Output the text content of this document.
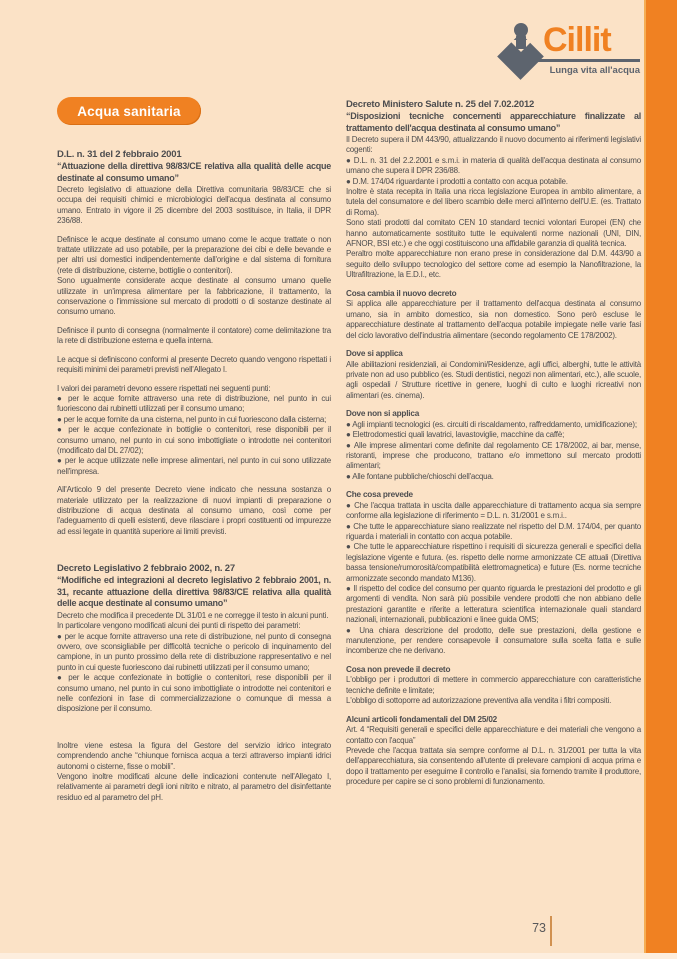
Cillit
Lunga vita all'acqua
Acqua sanitaria
D.L. n. 31 del 2 febbraio 2001
“Attuazione della direttiva 98/83/CE relativa alla qualità delle acque destinate al consumo umano”
Decreto legislativo di attuazione della Direttiva comunitaria 98/83/CE che si occupa dei requisiti chimici e microbiologici dell'acqua destinata al consumo umano. Entrato in vigore il 25 dicembre del 2003 sostituisce, in Italia, il DPR 236/88.
Definisce le acque destinate al consumo umano come le acque trattate o non trattate utilizzate ad uso potabile, per la preparazione dei cibi e delle bevande e per altri usi domestici indipendentemente dall'origine e dal sistema di fornitura (rete di distribuzione, cisterne, bottiglie o contenitori).
Sono ugualmente considerate acque destinate al consumo umano quelle utilizzate in un'impresa alimentare per la fabbricazione, il trattamento, la conservazione o l'immissione sul mercato di prodotti o di sostanze destinate al consumo umano.
Definisce il punto di consegna (normalmente il contatore) come delimitazione tra la rete di distribuzione esterna e quella interna.
Le acque si definiscono conformi al presente Decreto quando vengono rispettati i requisiti minimi dei parametri previsti nell'Allegato I.
I valori dei parametri devono essere rispettati nei seguenti punti:
● per le acque fornite attraverso una rete di distribuzione, nel punto in cui fuoriescono dai rubinetti utilizzati per il consumo umano;
● per le acque fornite da una cisterna, nel punto in cui fuoriescono dalla cisterna;
● per le acque confezionate in bottiglie o contenitori, rese disponibili per il consumo umano, nel punto in cui sono imbottigliate o introdotte nei contenitori (modificato dal DL 27/02);
● per le acque utilizzate nelle imprese alimentari, nel punto in cui sono utilizzate nell'impresa.
All'Articolo 9 del presente Decreto viene indicato che nessuna sostanza o materiale utilizzato per la realizzazione di nuovi impianti di preparazione o distribuzione di acqua destinata al consumo umano, così come per l'adeguamento di quelli esistenti, deve rilasciare i propri costituenti od impurezze ad essi legate in quantità superiore ai limiti previsti.
Decreto Legislativo 2 febbraio 2002, n. 27
“Modifiche ed integrazioni al decreto legislativo 2 febbraio 2001, n. 31, recante attuazione della direttiva 98/83/CE relativa alla qualità delle acque destinate al consumo umano”
Decreto che modifica il precedente DL 31/01 e ne corregge il testo in alcuni punti.
In particolare vengono modificati alcuni dei punti di rispetto dei parametri:
● per le acque fornite attraverso una rete di distribuzione, nel punto di consegna ovvero, ove sconsigliabile per difficoltà tecniche o pericolo di inquinamento del campione, in un punto prossimo della rete di distribuzione rappresentativo e nel punto in cui queste fuoriescono dai rubinetti utilizzati per il consumo umano;
● per le acque confezionate in bottiglie o contenitori, rese disponibili per il consumo umano, nel punto in cui sono imbottigliate o introdotte nei contenitori e nelle confezioni in fase di commercializzazione o comunque di messa a disposizione per il consumo.
Inoltre viene estesa la figura del Gestore del servizio idrico integrato comprendendo anche “chiunque fornisca acqua a terzi attraverso impianti idrici autonomi o cisterne, fisse o mobili”.
Vengono inoltre modificati alcune delle indicazioni contenute nell'Allegato I, relativamente ai parametri degli ioni nitrito e nitrato, al parametro del disinfettante residuo ed al parametro del pH.
Decreto Ministero Salute n. 25 del 7.02.2012
“Disposizioni tecniche concernenti apparecchiature finalizzate al trattamento dell'acqua destinata al consumo umano”
Il Decreto supera il DM 443/90, attualizzando il nuovo documento ai riferimenti legislativi cogenti:
● D.L. n. 31 del 2.2.2001 e s.m.i. in materia di qualità dell'acqua destinata al consumo umano che supera il DPR 236/88.
● D.M. 174/04 riguardante i prodotti a contatto con acqua potabile.
Inoltre è stata recepita in Italia una ricca legislazione Europea in ambito alimentare, a tutela del consumatore e del libero scambio delle merci all'interno dell'U.E. (es. Trattato di Roma).
Sono stati prodotti dal comitato CEN 10 standard tecnici volontari Europei (EN) che hanno automaticamente sostituito tutte le equivalenti norme nazionali (UNI, DIN, AFNOR, BSI etc.) e che oggi costituiscono una affidabile garanzia di qualità tecnica.
Peraltro molte apparecchiature non erano prese in considerazione dal D.M. 443/90 a seguito dello sviluppo tecnologico del settore come ad esempio la Nanofiltrazione, la Ultrafiltrazione, la E.D.I., etc.
Cosa cambia il nuovo decreto
Si applica alle apparecchiature per il trattamento dell'acqua destinata al consumo umano, sia in ambito domestico, sia non domestico. Sono però escluse le apparecchiature destinate al trattamento dell'acqua potabile impiegate nelle varie fasi del ciclo lavorativo dell'industria alimentare (secondo regolamento CE 178/2002).
Dove si applica
Alle abilitazioni residenziali, ai Condomini/Residenze, agli uffici, alberghi, tutte le attività private non ad uso pubblico (es. Studi dentistici, negozi non alimentari, etc.), alle scuole, agli ospedali / Strutture ricettive in genere, luoghi di culto e luoghi ricreativi non alimentari (es. cinema).
Dove non si applica
● Agli impianti tecnologici (es. circuiti di riscaldamento, raffreddamento, umidificazione);
● Elettrodomestici quali lavatrici, lavastoviglie, macchine da caffè;
● Alle imprese alimentari come definite dal regolamento CE 178/2002, ai bar, mense, ristoranti, imprese che producono, trattano e/o immettono sul mercato prodotti alimentari;
● Alle fontane pubbliche/chioschi dell'acqua.
Che cosa prevede
● Che l'acqua trattata in uscita dalle apparecchiature di trattamento acqua sia sempre conforme alla legislazione di riferimento = D.L. n. 31/2001 e s.m.i..
● Che tutte le apparecchiature siano realizzate nel rispetto del D.M. 174/04, per quanto riguarda i materiali in contatto con acqua potabile.
● Che tutte le apparecchiature rispettino i requisiti di sicurezza generali e specifici della legislazione vigente e futura. (es. rispetto delle norme armonizzate CE attuali (Direttiva bassa tensione/rumorosità/compatibilità elettromagnetica) e future (Es. norme tecniche armonizzate secondo mandato M136).
● Il rispetto del codice del consumo per quanto riguarda le prestazioni del prodotto e gli argomenti di vendita. Non sarà più possibile vendere prodotti che non abbiano delle prestazioni garantite e riferite a letteratura scientifica internazionale quali standard nazionali, internazionali, pubblicazioni e linee guida OMS;
● Una chiara descrizione del prodotto, delle sue prestazioni, della gestione e manutenzione, per rendere consapevole il consumatore sulla scelta fatta e sulle incombenze che ne derivano.
Cosa non prevede il decreto
L'obbligo per i produttori di mettere in commercio apparecchiature con caratteristiche tecniche definite e limitate;
L'obbligo di sottoporre ad autorizzazione preventiva alla vendita i filtri compositi.
Alcuni articoli fondamentali del DM 25/02
Art. 4 “Requisiti generali e specifici delle apparecchiature e dei materiali che vengono a contatto con l'acqua”
Prevede che l'acqua trattata sia sempre conforme al D.L. n. 31/2001 per tutta la vita dell'apparecchiatura, sia consentendo all'utente di prelevare campioni di acqua prima e dopo il trattamento per eseguirne il controllo e l'analisi, sia fornendo tramite il produttore, procedure per capire se ci sono problemi di funzionamento.
73
